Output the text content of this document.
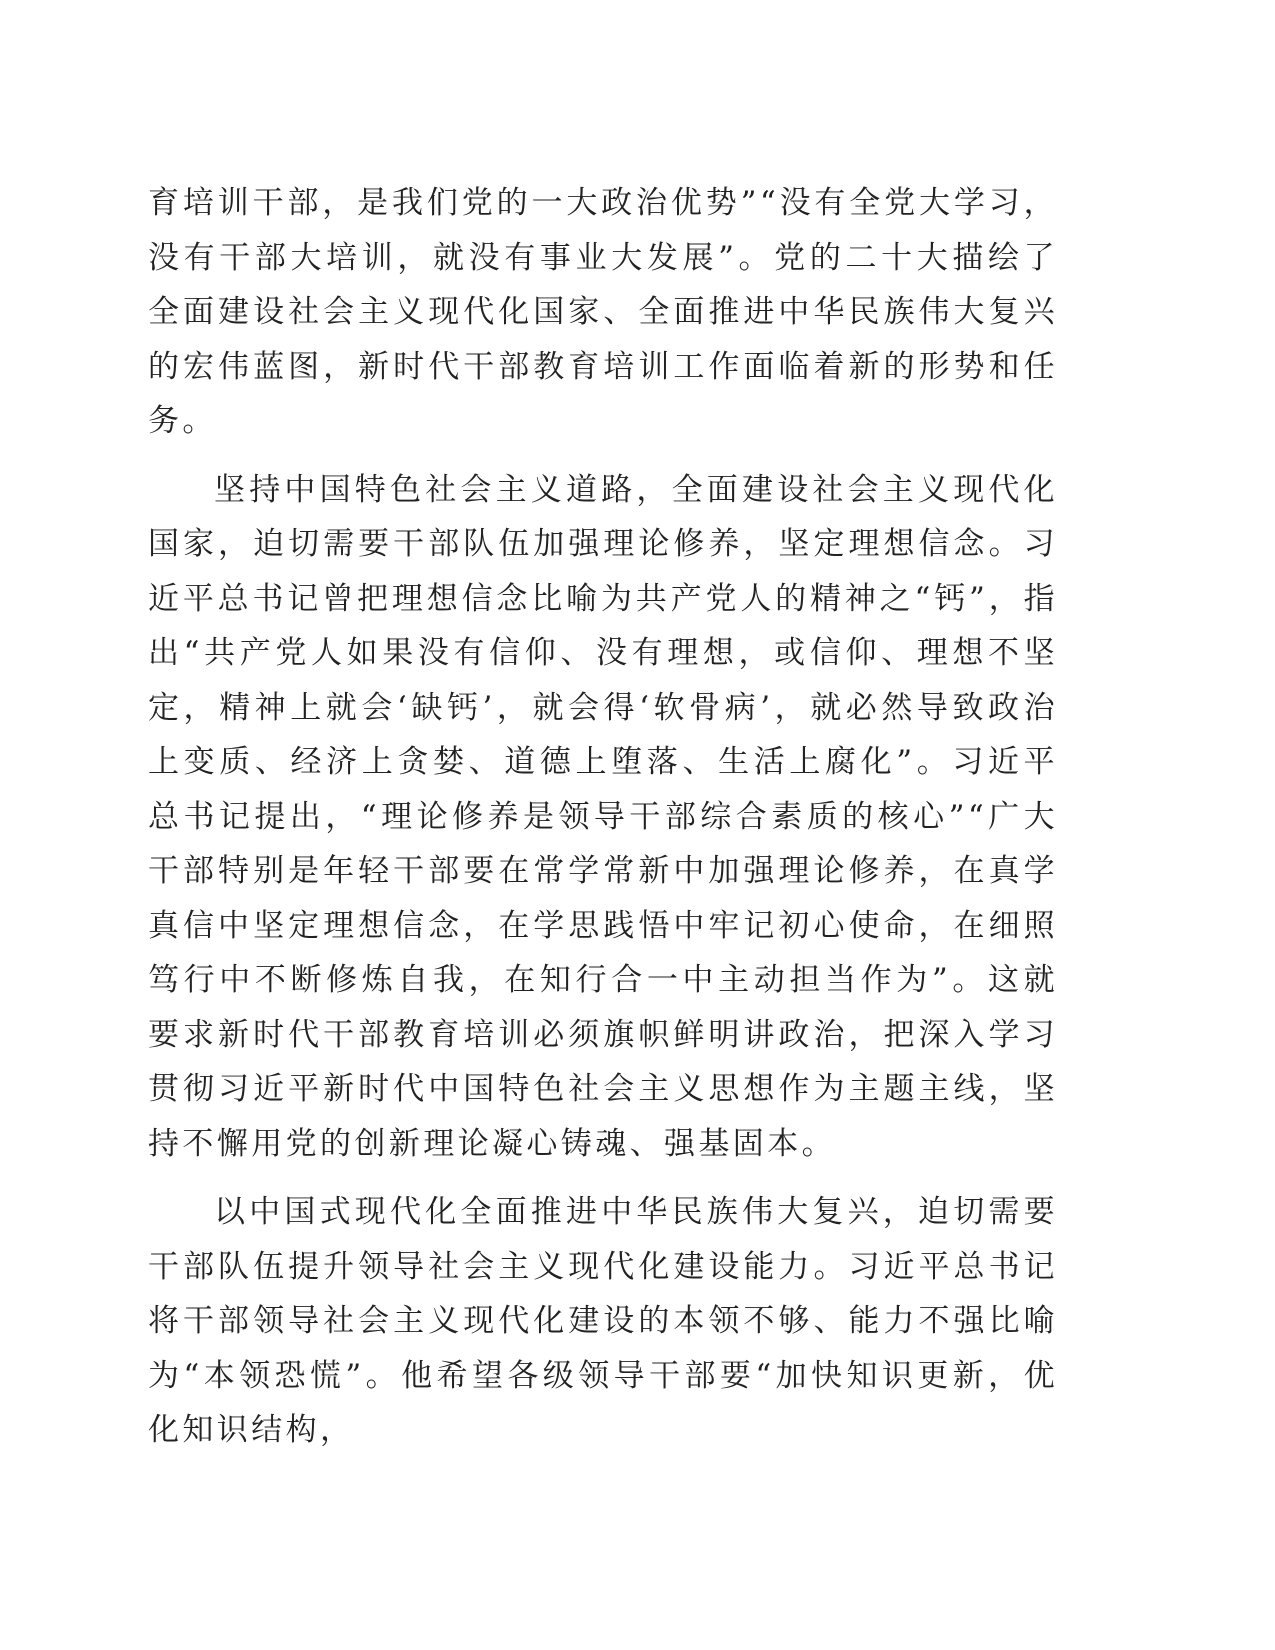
育培训干部，是我们党的一大政治优势”“没有全党大学习，没有干部大培训，就没有事业大发展”。党的二十大描绘了全面建设社会主义现代化国家、全面推进中华民族伟大复兴的宏伟蓝图，新时代干部教育培训工作面临着新的形势和任务。

坚持中国特色社会主义道路，全面建设社会主义现代化国家，迫切需要干部队伍加强理论修养，坚定理想信念。习近平总书记曾把理想信念比喻为共产党人的精神之“钙”，指出“共产党人如果没有信仰、没有理想，或信仰、理想不坚定，精神上就会‘缺钙’，就会得‘软骨病’，就必然导致政治上变质、经济上贪婪、道德上堕落、生活上腐化”。习近平总书记提出，“理论修养是领导干部综合素质的核心”“广大干部特别是年轻干部要在常学常新中加强理论修养，在真学真信中坚定理想信念，在学思践悟中牢记初心使命，在细照笃行中不断修炼自我，在知行合一中主动担当作为”。这就要求新时代干部教育培训必须旗帜鲜明讲政治，把深入学习贯彻习近平新时代中国特色社会主义思想作为主题主线，坚持不懈用党的创新理论凝心铸魂、强基固本。

以中国式现代化全面推进中华民族伟大复兴，迫切需要干部队伍提升领导社会主义现代化建设能力。习近平总书记将干部领导社会主义现代化建设的本领不够、能力不强比喻为“本领恐慌”。他希望各级领导干部要“加快知识更新，优化知识结构，
